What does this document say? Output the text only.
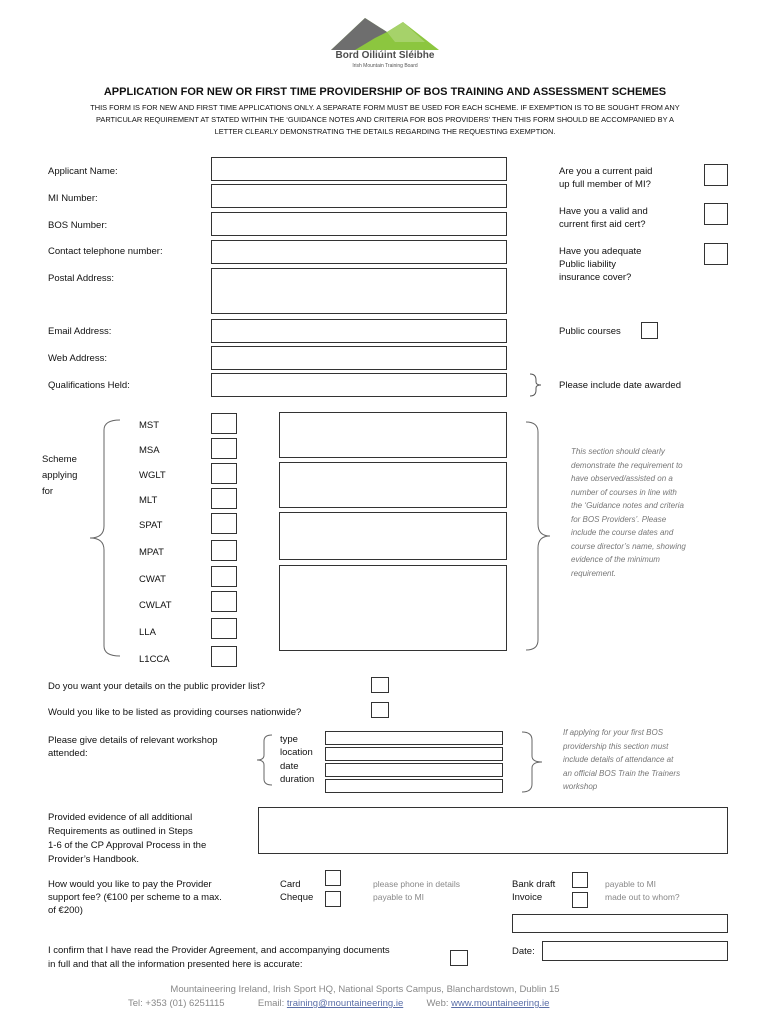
Bord Oiliúint Sléibhe
Irish Mountain Training Board
APPLICATION FOR NEW OR FIRST TIME PROVIDERSHIP OF BOS TRAINING AND ASSESSMENT SCHEMES
THIS FORM IS FOR NEW AND FIRST TIME APPLICATIONS ONLY. A SEPARATE FORM MUST BE USED FOR EACH SCHEME. IF EXEMPTION IS TO BE SOUGHT FROM ANY
PARTICULAR REQUIREMENT AT STATED WITHIN THE ‘GUIDANCE NOTES AND CRITERIA FOR BOS PROVIDERS’ THEN THIS FORM SHOULD BE ACCOMPANIED BY A
LETTER CLEARLY DEMONSTRATING THE DETAILS REGARDING THE REQUESTING EXEMPTION.
Applicant Name:
MI Number:
BOS Number:
Contact telephone number:
Postal Address:
Email Address:
Web Address:
Qualifications Held:
Are you a current paid
up full member of MI?
Have you a valid and
current first aid cert?
Have you adequate
Public liability
insurance cover?
Public courses
Please include date awarded
Scheme
applying
for
MST
MSA
WGLT
MLT
SPAT
MPAT
CWAT
CWLAT
LLA
L1CCA
This section should clearly
demonstrate the requirement to
have observed/assisted on a
number of courses in line with
the ‘Guidance notes and criteria
for BOS Providers’. Please
include the course dates and
course director’s name, showing
evidence of the minimum
requirement.
Do you want your details on the public provider list?
Would you like to be listed as providing courses nationwide?
Please give details of relevant workshop
attended:
type
location
date
duration
If applying for your first BOS
providership this section must
include details of attendance at
an official BOS Train the Trainers
workshop
Provided evidence of all additional
Requirements as outlined in Steps
1-6 of the CP Approval Process in the
Provider’s Handbook.
How would you like to pay the Provider
support fee? (€100 per scheme to a max.
of €200)
Card
Cheque
please phone in details
payable to MI
Bank draft
Invoice
payable to MI
made out to whom?
I confirm that I have read the Provider Agreement, and accompanying documents
in full and that all the information presented here is accurate:
Date:
Mountaineering Ireland, Irish Sport HQ, National Sports Campus, Blanchardstown, Dublin 15
Tel: +353 (01) 6251115	Email: training@mountaineering.ie Web: www.mountaineering.ie
